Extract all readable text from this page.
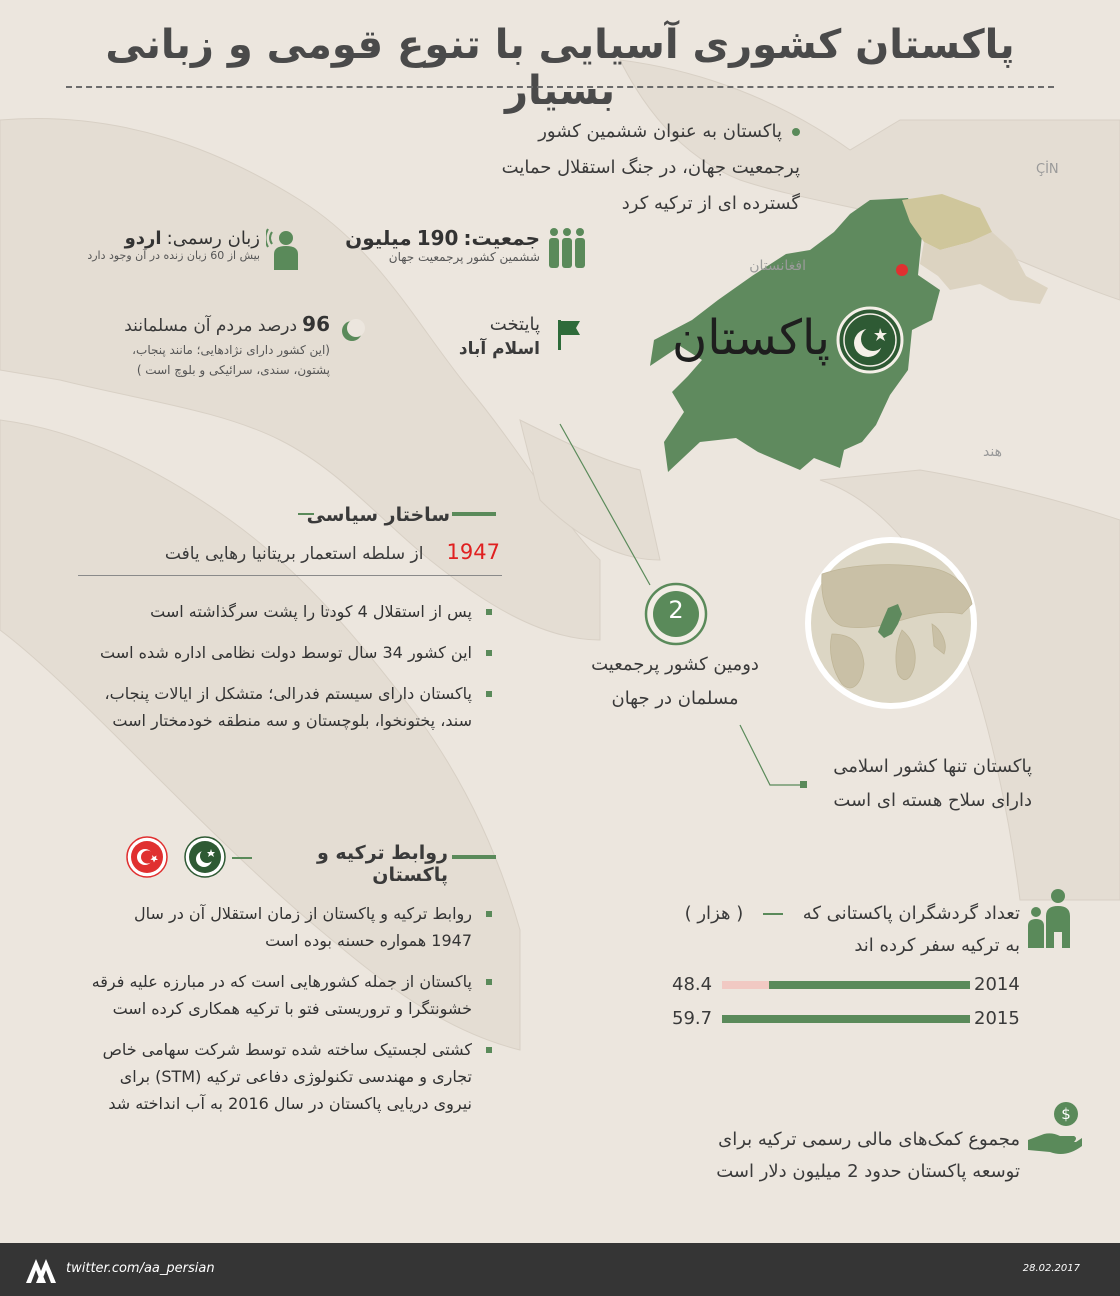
پاکستان کشوری آسیایی با تنوع قومی و زبانی بسیار
پاکستان به عنوان ششمین کشور پرجمعیت جهان، در جنگ استقلال حمایت گسترده ای از ترکیه کرد
ÇİN
افغانستان
هند
پاکستان
جمعیت: 190 میلیون
ششمین کشور پرجمعیت جهان
زبان رسمی: اردو
بیش از 60 زبان زنده در آن وجود دارد
پایتخت
اسلام آباد
96 درصد مردم آن مسلمانند
(این کشور دارای نژادهایی؛ مانند پنجاب،
پشتون، سندی، سرائیکی و بلوچ است )
ساختار سیاسی
1947 از سلطه استعمار بریتانیا رهایی یافت
پس از استقلال 4 کودتا را پشت سرگذاشته است
این کشور 34 سال توسط دولت نظامی اداره شده است
پاکستان دارای سیستم فدرالی؛ متشکل از ایالات پنجاب، سند، پختونخوا، بلوچستان و سه منطقه خودمختار است
2
دومین کشور پرجمعیت
مسلمان در جهان
پاکستان تنها کشور اسلامی
دارای سلاح هسته ای است
روابط ترکیه و پاکستان
روابط ترکیه و پاکستان از زمان استقلال آن در سال 1947 همواره حسنه بوده است
پاکستان از جمله کشورهایی است که در مبارزه علیه فرقه خشونتگرا و تروریستی فتو با ترکیه همکاری کرده است
کشتی لجستیک ساخته شده توسط شرکت سهامی خاص تجاری و مهندسی تکنولوژی دفاعی ترکیه (STM) برای نیروی دریایی پاکستان در سال 2016 به آب انداخته شد
تعداد گردشگران پاکستانی که  ( هزار )
به ترکیه سفر کرده اند
48.4	2014
59.7	2015
$
مجموع کمک‌های مالی رسمی ترکیه برای
توسعه پاکستان حدود 2 میلیون دلار است
twitter.com/aa_persian	28.02.2017
